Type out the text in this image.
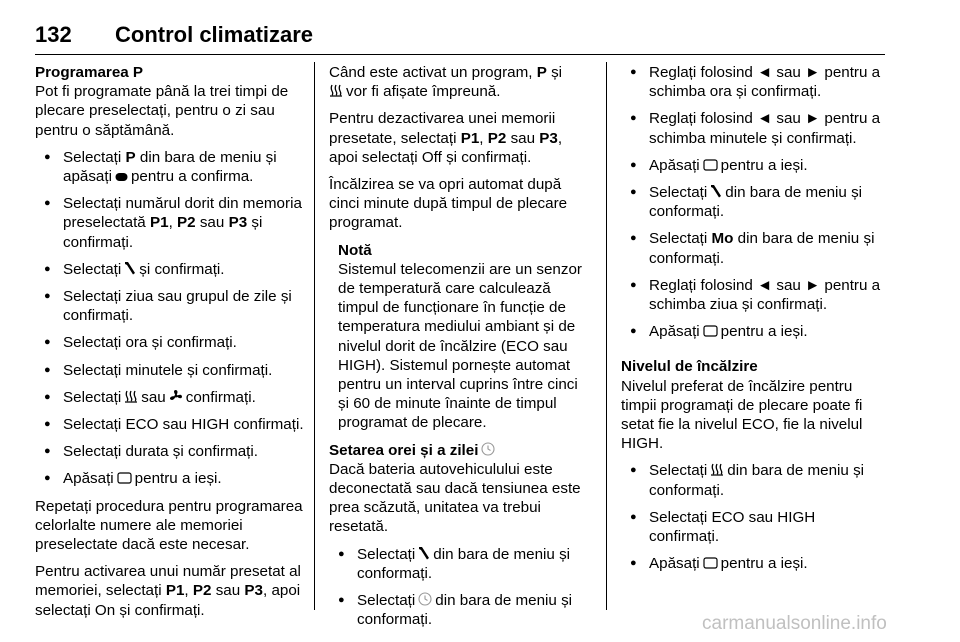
132 Control climatizare
Programarea P

Pot fi programate până la trei timpi de plecare preselectați, pentru o zi sau pentru o săptămână.

● Selectați P din bara de meniu și apăsați pentru a confirma.
● Selectați numărul dorit din memoria preselectată P1, P2 sau P3 și confirmați.
● Selectați și confirmați.
● Selectați ziua sau grupul de zile și confirmați.
● Selectați ora și confirmați.
● Selectați minutele și confirmați.
● Selectați sau confirmați.
● Selectați ECO sau HIGH confirmați.
● Selectați durata și confirmați.
● Apăsați pentru a ieși.

Repetați procedura pentru programarea celorlalte numere ale memoriei preselectate dacă este necesar.

Pentru activarea unui număr presetat al memoriei, selectați P1, P2 sau P3, apoi selectați On și confirmați.

Când este activat un program, P și
vor fi afișate împreună.

Pentru dezactivarea unei memorii presetate, selectați P1, P2 sau P3, apoi selectați Off și confirmați.

Încălzirea se va opri automat după cinci minute după timpul de plecare programat.

Notă
Sistemul telecomenzii are un senzor de temperatură care calculează timpul de funcționare în funcție de temperatura mediului ambiant și de nivelul dorit de încălzire (ECO sau HIGH). Sistemul pornește automat pentru un interval cuprins între cinci și 60 de minute înainte de timpul programat de plecare.
Setarea orei și a zilei

Dacă bateria autovehiculului este deconectată sau dacă tensiunea este prea scăzută, unitatea va trebui resetată.

● Selectați din bara de meniu și conformați.
● Selectați din bara de meniu și conformați.
● Reglați folosind ◄ sau ► pentru a schimba ora și confirmați.
● Reglați folosind ◄ sau ► pentru a schimba minutele și confirmați.
● Apăsați pentru a ieși.
● Selectați din bara de meniu și conformați.
● Selectați Mo din bara de meniu și conformați.
● Reglați folosind ◄ sau ► pentru a schimba ziua și confirmați.
● Apăsați pentru a ieși.
Nivelul de încălzire

Nivelul preferat de încălzire pentru timpii programați de plecare poate fi setat fie la nivelul ECO, fie la nivelul HIGH.

● Selectați din bara de meniu și conformați.
● Selectați ECO sau HIGH confirmați.
● Apăsați pentru a ieși.
carmanualsonline.info
